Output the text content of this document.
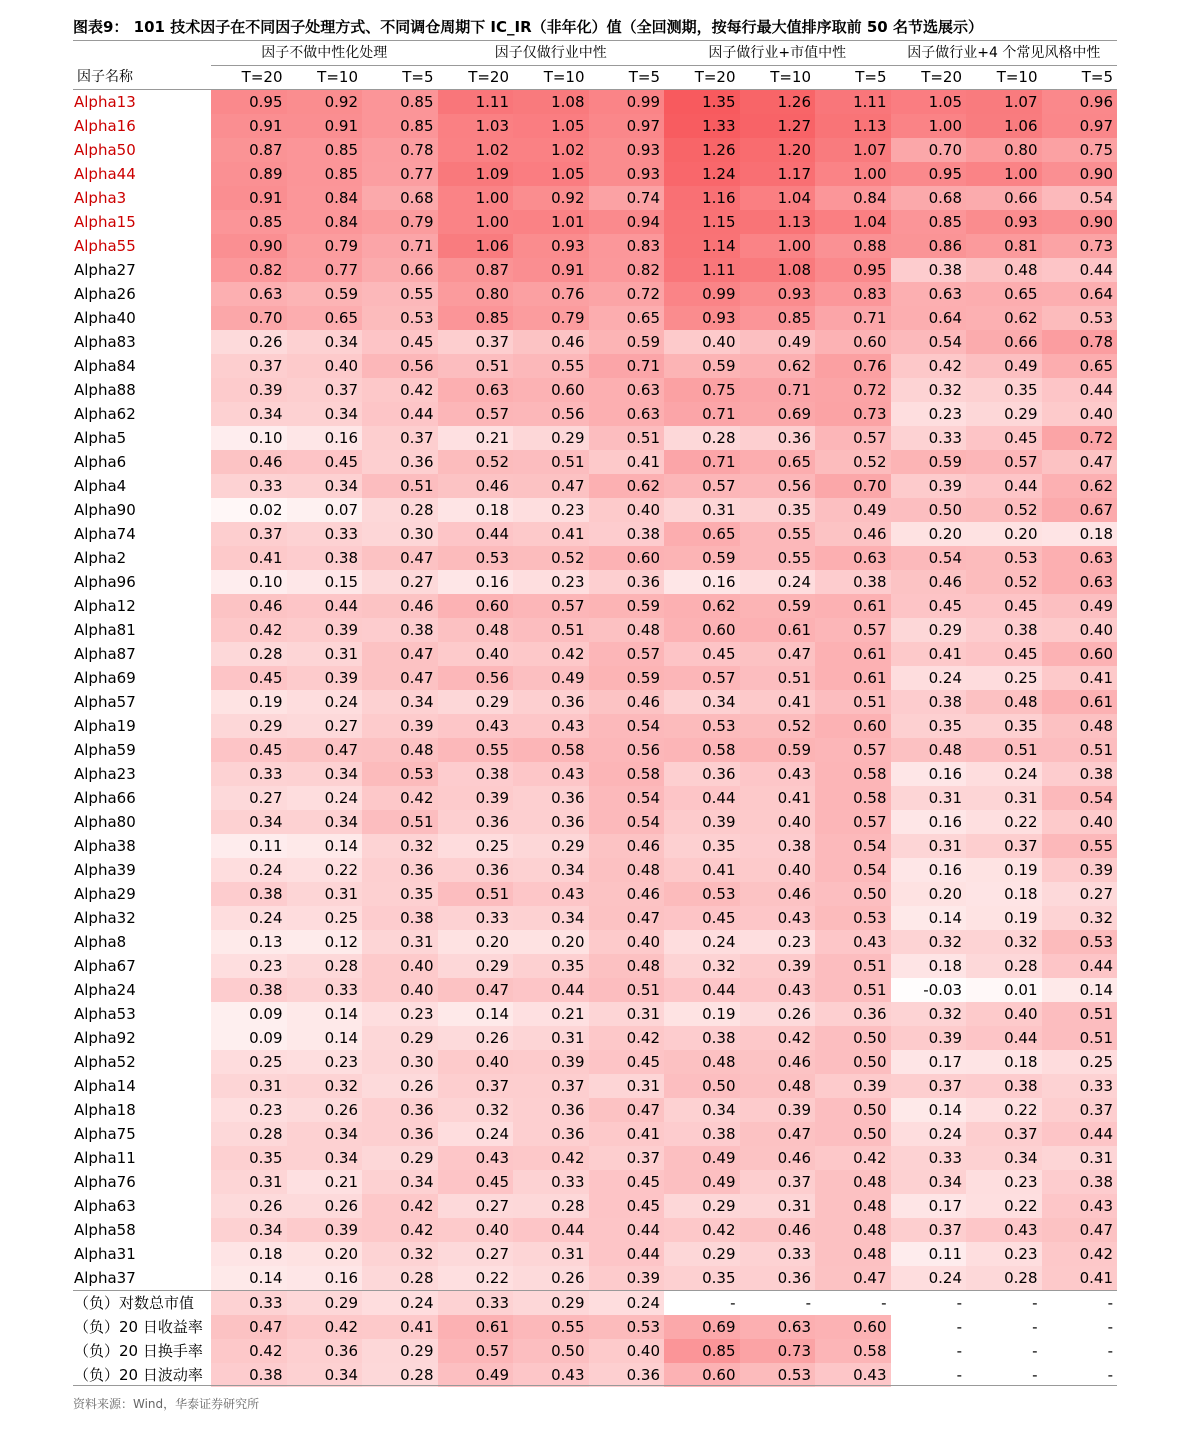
图表9： 101 技术因子在不同因子处理方式、不同调仓周期下 IC_IR（非年化）值（全回测期，按每行最大值排序取前 50 名节选展示）
	因子不做中性化处理			因子仅做行业中性			因子做行业+市值中性			因子做行业+4 个常见风格中性		
因子名称	T=20	T=10	T=5	T=20	T=10	T=5	T=20	T=10	T=5	T=20	T=10	T=5
Alpha13	0.95	0.92	0.85	1.11	1.08	0.99	1.35	1.26	1.11	1.05	1.07	0.96
Alpha16	0.91	0.91	0.85	1.03	1.05	0.97	1.33	1.27	1.13	1.00	1.06	0.97
Alpha50	0.87	0.85	0.78	1.02	1.02	0.93	1.26	1.20	1.07	0.70	0.80	0.75
Alpha44	0.89	0.85	0.77	1.09	1.05	0.93	1.24	1.17	1.00	0.95	1.00	0.90
Alpha3	0.91	0.84	0.68	1.00	0.92	0.74	1.16	1.04	0.84	0.68	0.66	0.54
Alpha15	0.85	0.84	0.79	1.00	1.01	0.94	1.15	1.13	1.04	0.85	0.93	0.90
Alpha55	0.90	0.79	0.71	1.06	0.93	0.83	1.14	1.00	0.88	0.86	0.81	0.73
Alpha27	0.82	0.77	0.66	0.87	0.91	0.82	1.11	1.08	0.95	0.38	0.48	0.44
Alpha26	0.63	0.59	0.55	0.80	0.76	0.72	0.99	0.93	0.83	0.63	0.65	0.64
Alpha40	0.70	0.65	0.53	0.85	0.79	0.65	0.93	0.85	0.71	0.64	0.62	0.53
Alpha83	0.26	0.34	0.45	0.37	0.46	0.59	0.40	0.49	0.60	0.54	0.66	0.78
Alpha84	0.37	0.40	0.56	0.51	0.55	0.71	0.59	0.62	0.76	0.42	0.49	0.65
Alpha88	0.39	0.37	0.42	0.63	0.60	0.63	0.75	0.71	0.72	0.32	0.35	0.44
Alpha62	0.34	0.34	0.44	0.57	0.56	0.63	0.71	0.69	0.73	0.23	0.29	0.40
Alpha5	0.10	0.16	0.37	0.21	0.29	0.51	0.28	0.36	0.57	0.33	0.45	0.72
Alpha6	0.46	0.45	0.36	0.52	0.51	0.41	0.71	0.65	0.52	0.59	0.57	0.47
Alpha4	0.33	0.34	0.51	0.46	0.47	0.62	0.57	0.56	0.70	0.39	0.44	0.62
Alpha90	0.02	0.07	0.28	0.18	0.23	0.40	0.31	0.35	0.49	0.50	0.52	0.67
Alpha74	0.37	0.33	0.30	0.44	0.41	0.38	0.65	0.55	0.46	0.20	0.20	0.18
Alpha2	0.41	0.38	0.47	0.53	0.52	0.60	0.59	0.55	0.63	0.54	0.53	0.63
Alpha96	0.10	0.15	0.27	0.16	0.23	0.36	0.16	0.24	0.38	0.46	0.52	0.63
Alpha12	0.46	0.44	0.46	0.60	0.57	0.59	0.62	0.59	0.61	0.45	0.45	0.49
Alpha81	0.42	0.39	0.38	0.48	0.51	0.48	0.60	0.61	0.57	0.29	0.38	0.40
Alpha87	0.28	0.31	0.47	0.40	0.42	0.57	0.45	0.47	0.61	0.41	0.45	0.60
Alpha69	0.45	0.39	0.47	0.56	0.49	0.59	0.57	0.51	0.61	0.24	0.25	0.41
Alpha57	0.19	0.24	0.34	0.29	0.36	0.46	0.34	0.41	0.51	0.38	0.48	0.61
Alpha19	0.29	0.27	0.39	0.43	0.43	0.54	0.53	0.52	0.60	0.35	0.35	0.48
Alpha59	0.45	0.47	0.48	0.55	0.58	0.56	0.58	0.59	0.57	0.48	0.51	0.51
Alpha23	0.33	0.34	0.53	0.38	0.43	0.58	0.36	0.43	0.58	0.16	0.24	0.38
Alpha66	0.27	0.24	0.42	0.39	0.36	0.54	0.44	0.41	0.58	0.31	0.31	0.54
Alpha80	0.34	0.34	0.51	0.36	0.36	0.54	0.39	0.40	0.57	0.16	0.22	0.40
Alpha38	0.11	0.14	0.32	0.25	0.29	0.46	0.35	0.38	0.54	0.31	0.37	0.55
Alpha39	0.24	0.22	0.36	0.36	0.34	0.48	0.41	0.40	0.54	0.16	0.19	0.39
Alpha29	0.38	0.31	0.35	0.51	0.43	0.46	0.53	0.46	0.50	0.20	0.18	0.27
Alpha32	0.24	0.25	0.38	0.33	0.34	0.47	0.45	0.43	0.53	0.14	0.19	0.32
Alpha8	0.13	0.12	0.31	0.20	0.20	0.40	0.24	0.23	0.43	0.32	0.32	0.53
Alpha67	0.23	0.28	0.40	0.29	0.35	0.48	0.32	0.39	0.51	0.18	0.28	0.44
Alpha24	0.38	0.33	0.40	0.47	0.44	0.51	0.44	0.43	0.51	-0.03	0.01	0.14
Alpha53	0.09	0.14	0.23	0.14	0.21	0.31	0.19	0.26	0.36	0.32	0.40	0.51
Alpha92	0.09	0.14	0.29	0.26	0.31	0.42	0.38	0.42	0.50	0.39	0.44	0.51
Alpha52	0.25	0.23	0.30	0.40	0.39	0.45	0.48	0.46	0.50	0.17	0.18	0.25
Alpha14	0.31	0.32	0.26	0.37	0.37	0.31	0.50	0.48	0.39	0.37	0.38	0.33
Alpha18	0.23	0.26	0.36	0.32	0.36	0.47	0.34	0.39	0.50	0.14	0.22	0.37
Alpha75	0.28	0.34	0.36	0.24	0.36	0.41	0.38	0.47	0.50	0.24	0.37	0.44
Alpha11	0.35	0.34	0.29	0.43	0.42	0.37	0.49	0.46	0.42	0.33	0.34	0.31
Alpha76	0.31	0.21	0.34	0.45	0.33	0.45	0.49	0.37	0.48	0.34	0.23	0.38
Alpha63	0.26	0.26	0.42	0.27	0.28	0.45	0.29	0.31	0.48	0.17	0.22	0.43
Alpha58	0.34	0.39	0.42	0.40	0.44	0.44	0.42	0.46	0.48	0.37	0.43	0.47
Alpha31	0.18	0.20	0.32	0.27	0.31	0.44	0.29	0.33	0.48	0.11	0.23	0.42
Alpha37	0.14	0.16	0.28	0.22	0.26	0.39	0.35	0.36	0.47	0.24	0.28	0.41
（负）对数总市值	0.33	0.29	0.24	0.33	0.29	0.24	-	-	-	-	-	-
（负）20 日收益率	0.47	0.42	0.41	0.61	0.55	0.53	0.69	0.63	0.60	-	-	-
（负）20 日换手率	0.42	0.36	0.29	0.57	0.50	0.40	0.85	0.73	0.58	-	-	-
（负）20 日波动率	0.38	0.34	0.28	0.49	0.43	0.36	0.60	0.53	0.43	-	-	-
资料来源：Wind，华泰证券研究所
